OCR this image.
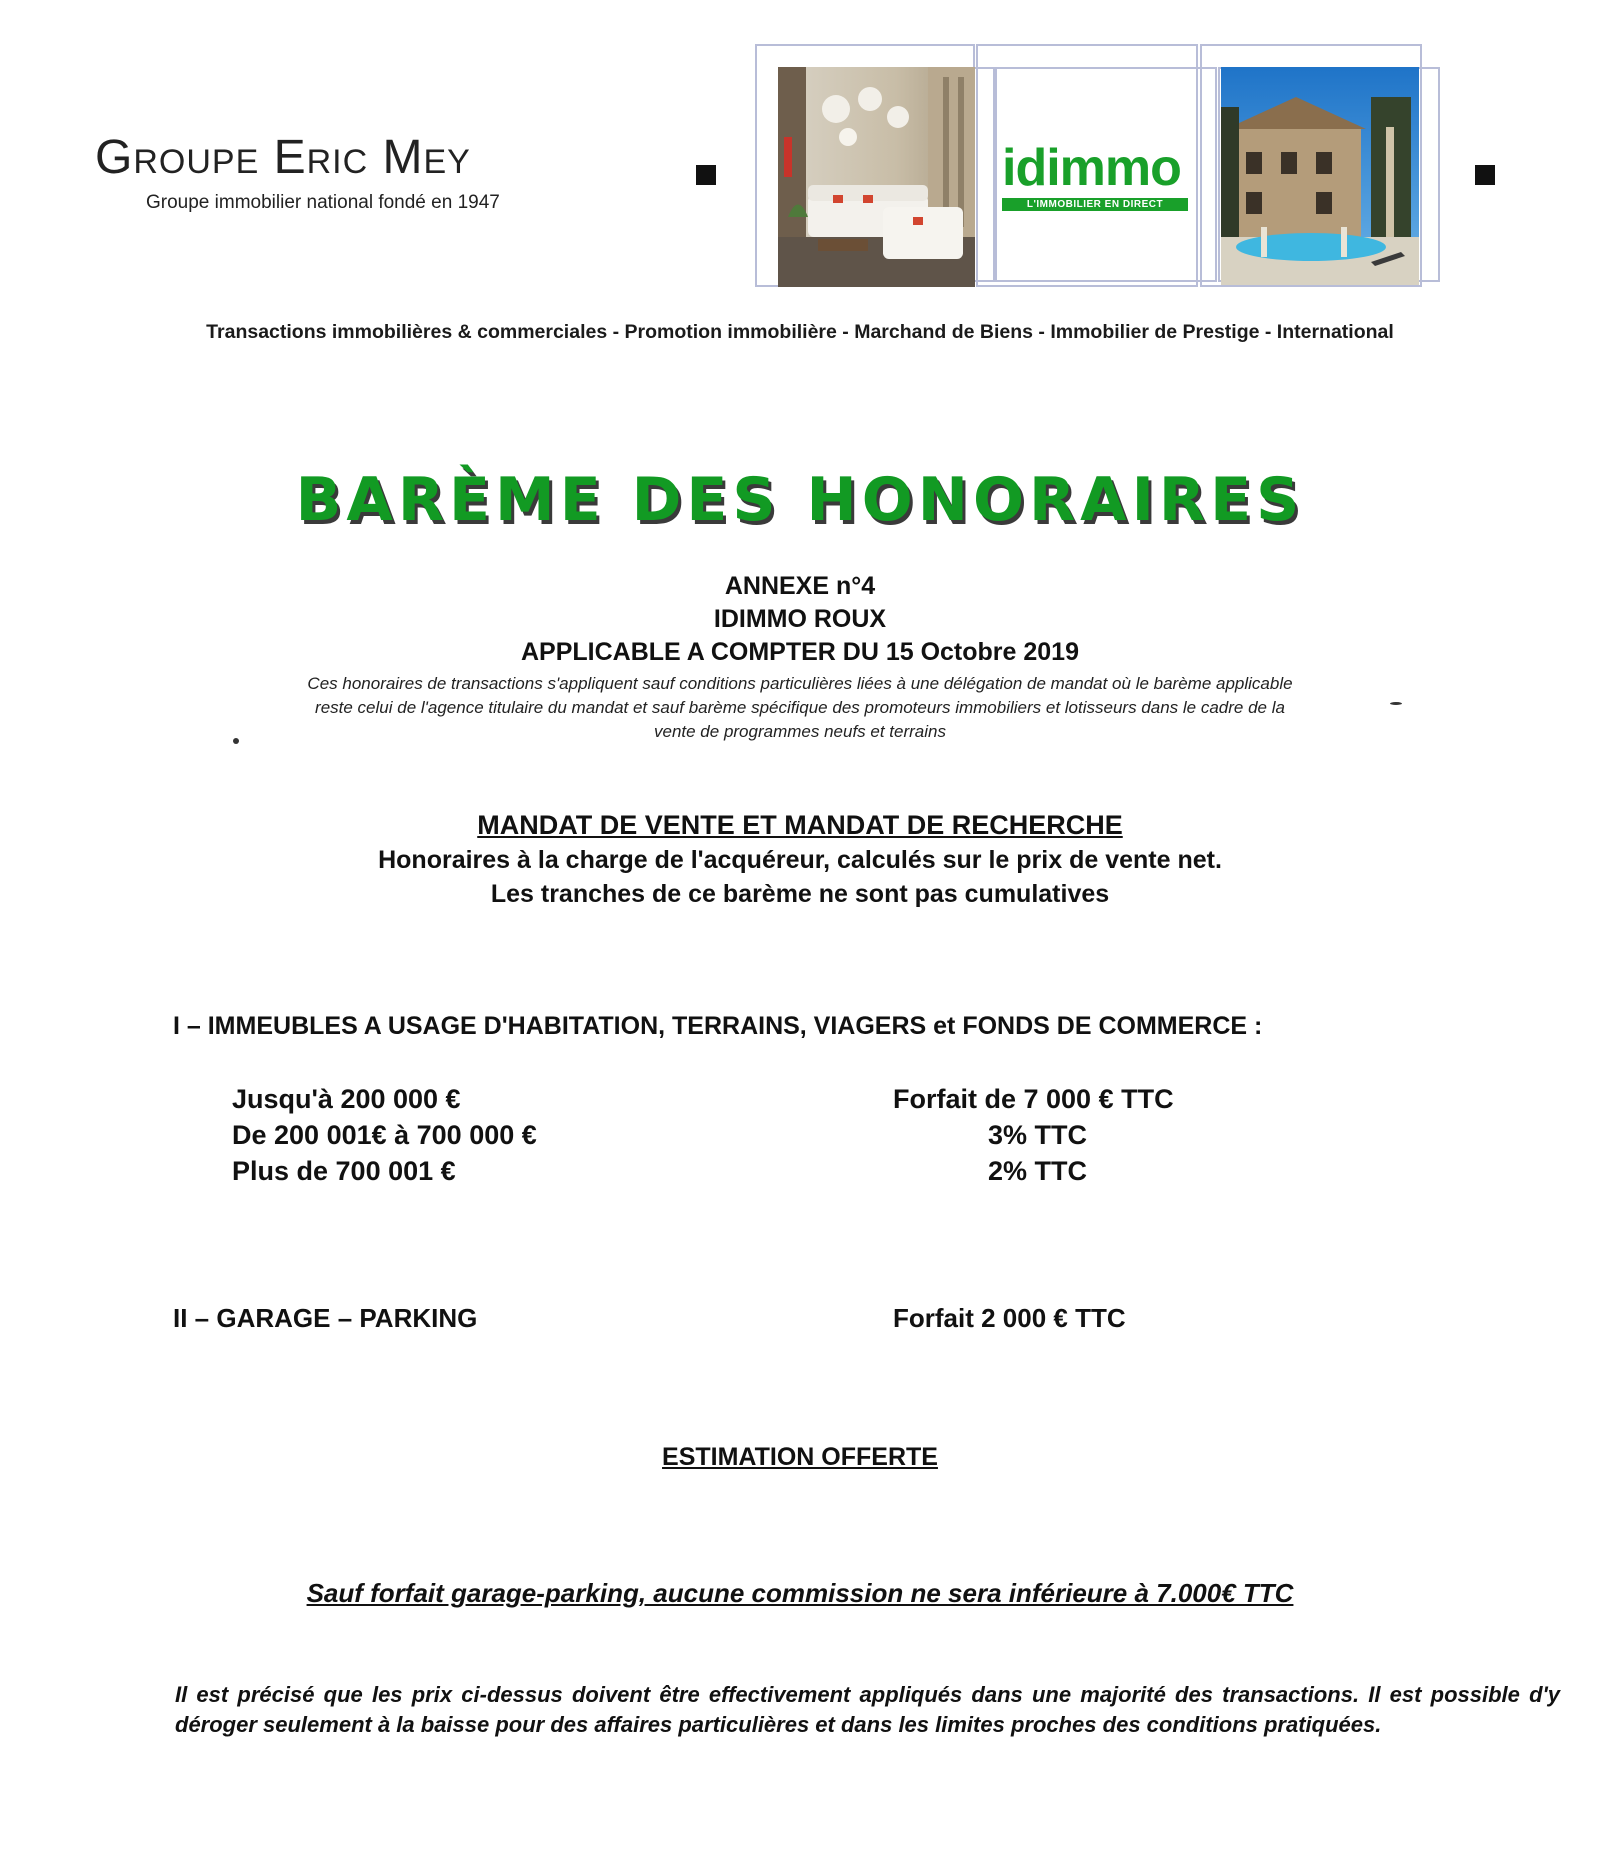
Groupe Eric Mey
Groupe immobilier national fondé en 1947
idimmo
L'IMMOBILIER EN DIRECT
Transactions immobilières & commerciales - Promotion immobilière - Marchand de Biens - Immobilier de Prestige - International
BARÈME DES HONORAIRES
ANNEXE n°4
IDIMMO ROUX
APPLICABLE A COMPTER DU 15 Octobre 2019
Ces honoraires de transactions s'appliquent sauf conditions particulières liées à une délégation de mandat où le barème applicable reste celui de l'agence titulaire du mandat et sauf barème spécifique des promoteurs immobiliers et lotisseurs dans le cadre de la vente de programmes neufs et terrains
MANDAT DE VENTE ET MANDAT DE RECHERCHE
Honoraires à la charge de l'acquéreur, calculés sur le prix de vente net.
Les tranches de ce barème ne sont pas cumulatives
I – IMMEUBLES A USAGE D'HABITATION, TERRAINS, VIAGERS et FONDS DE COMMERCE :
Jusqu'à 200 000 €	Forfait de 7 000 € TTC
De 200 001€ à 700 000 €	3% TTC
Plus de 700 001 €	2% TTC
II – GARAGE – PARKING	Forfait 2 000 € TTC
ESTIMATION OFFERTE
Sauf forfait garage-parking, aucune commission ne sera inférieure à 7.000€ TTC
Il est précisé que les prix ci-dessus doivent être effectivement appliqués dans une majorité des transactions. Il est possible d'y déroger seulement à la baisse pour des affaires particulières et dans les limites proches des conditions pratiquées.
